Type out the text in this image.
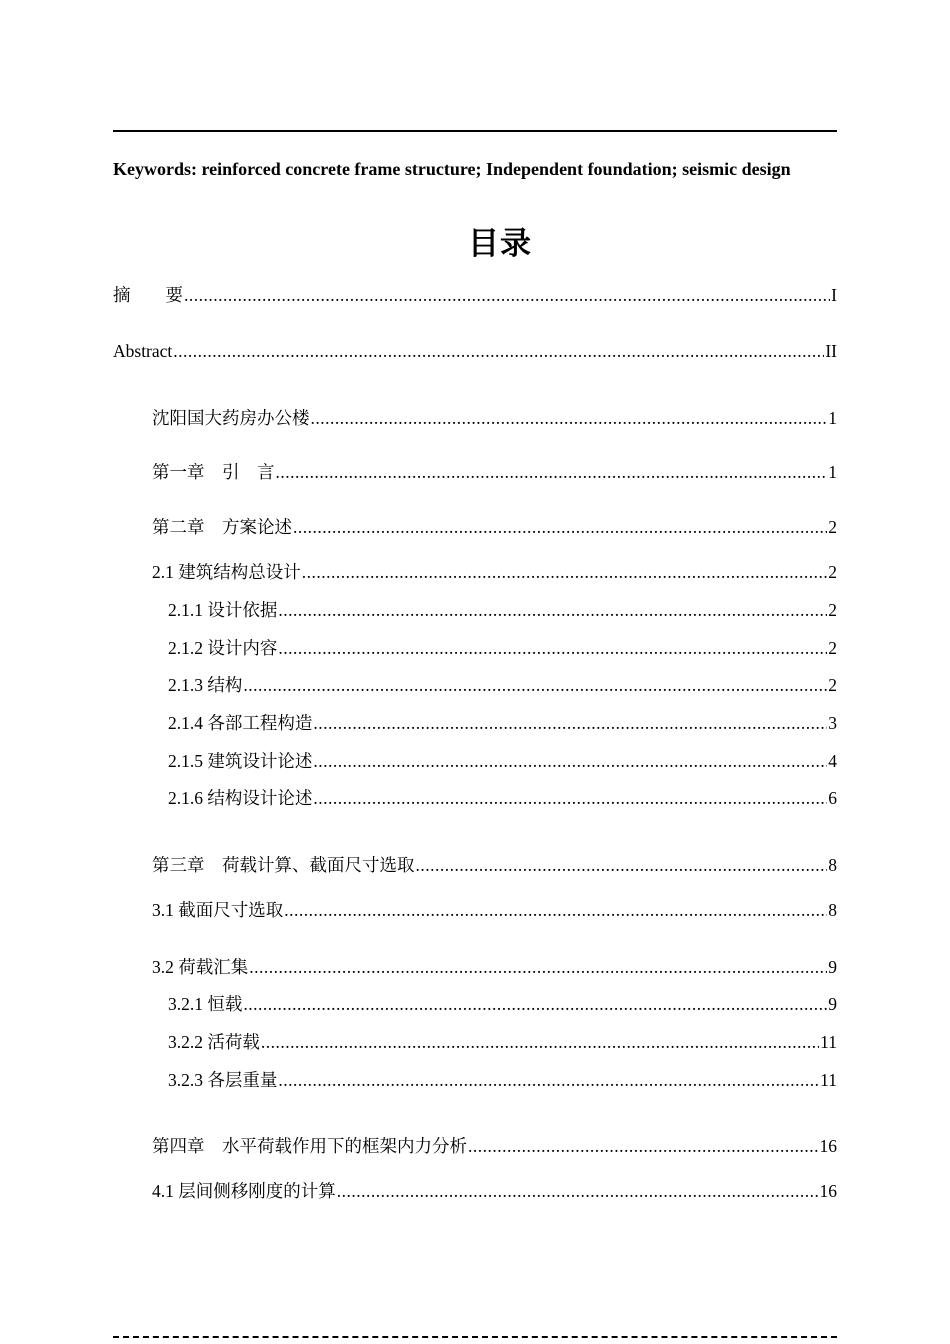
Keywords: reinforced concrete frame structure; Independent foundation; seismic design
目录
摘　　要 .....	I
Abstract .....	II
沈阳国大药房办公楼 .....	1
第一章　引　言 .....	1
第二章　方案论述 .....	2
2.1 建筑结构总设计 .....	2
2.1.1 设计依据 .....	2
2.1.2 设计内容 .....	2
2.1.3 结构 .....	2
2.1.4 各部工程构造 .....	3
2.1.5 建筑设计论述 .....	4
2.1.6 结构设计论述 .....	6
第三章　荷载计算、截面尺寸选取 .....	8
3.1 截面尺寸选取 .....	8
3.2 荷载汇集 .....	9
3.2.1 恒载 .....	9
3.2.2 活荷载 .....	11
3.2.3 各层重量 .....	11
第四章　水平荷载作用下的框架内力分析 .....	16
4.1 层间侧移刚度的计算 .....	16
